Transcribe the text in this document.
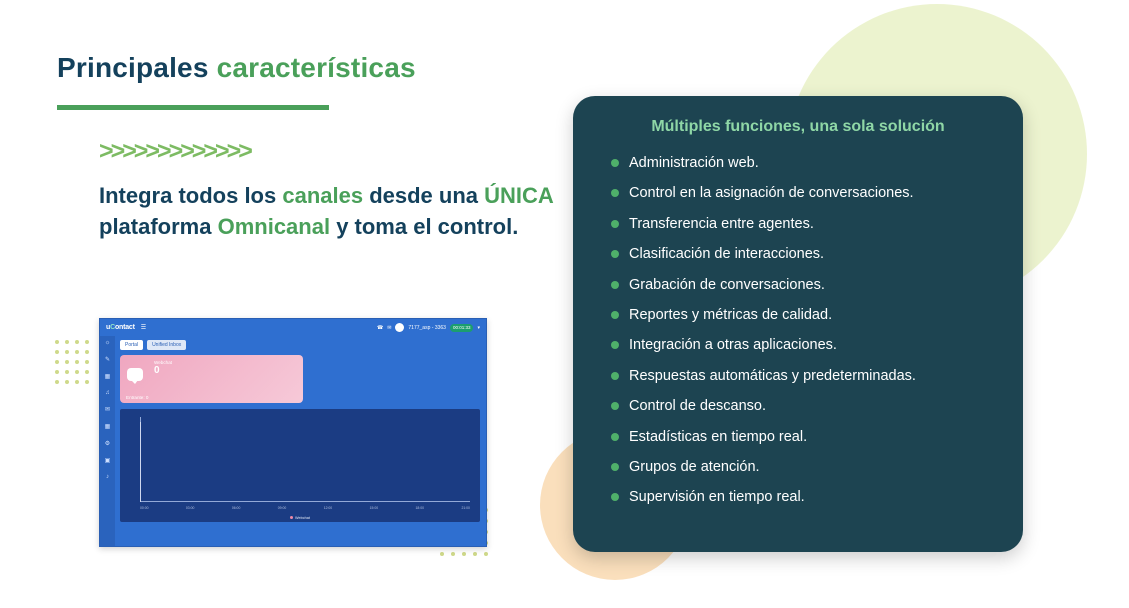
Principales características
>>>>>>>>>>>>>

Integra todos los canales desde una ÚNICA plataforma Omnicanal y toma el control.

uContact ☰	☎ ✉	7177_asp - 3363	00:01:33	▾
☼
✎
▦
♫
✉
▦
⚙
▣
♪
Portal	Unified Inbox
Webchat
0
Entrante: 0
00:00	03:00	06:00	09:00	12:00	15:00	18:00	21:00
Webchat
Múltiples funciones, una sola solución
Administración web.
Control en la asignación de conversaciones.
Transferencia entre agentes.
Clasificación de interacciones.
Grabación de conversaciones.
Reportes y métricas de calidad.
Integración a otras aplicaciones.
Respuestas automáticas y predeterminadas.
Control de descanso.
Estadísticas en tiempo real.
Grupos de atención.
Supervisión en tiempo real.
